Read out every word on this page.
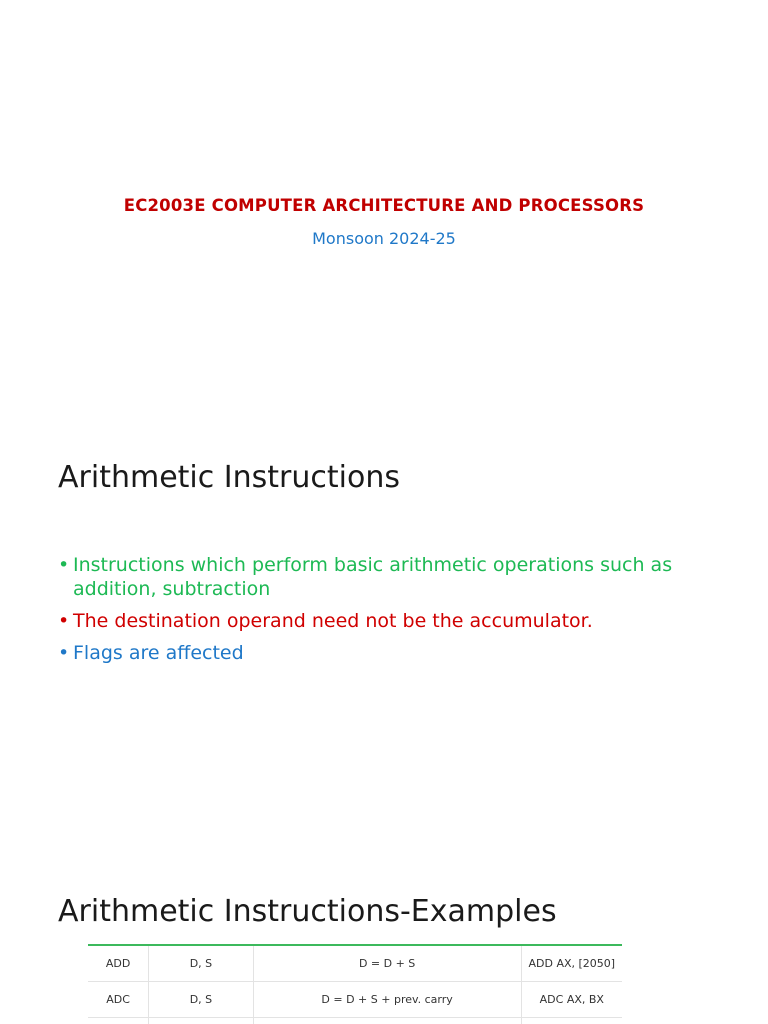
EC2003E COMPUTER ARCHITECTURE AND PROCESSORS
Monsoon 2024-25
Arithmetic Instructions
• Instructions which perform basic arithmetic operations such as addition, subtraction
• The destination operand need not be the accumulator.
• Flags are affected
Arithmetic Instructions-Examples
ADD	D, S	D = D + S	ADD AX, [2050]
ADC	D, S	D = D + S + prev. carry	ADC AX, BX
